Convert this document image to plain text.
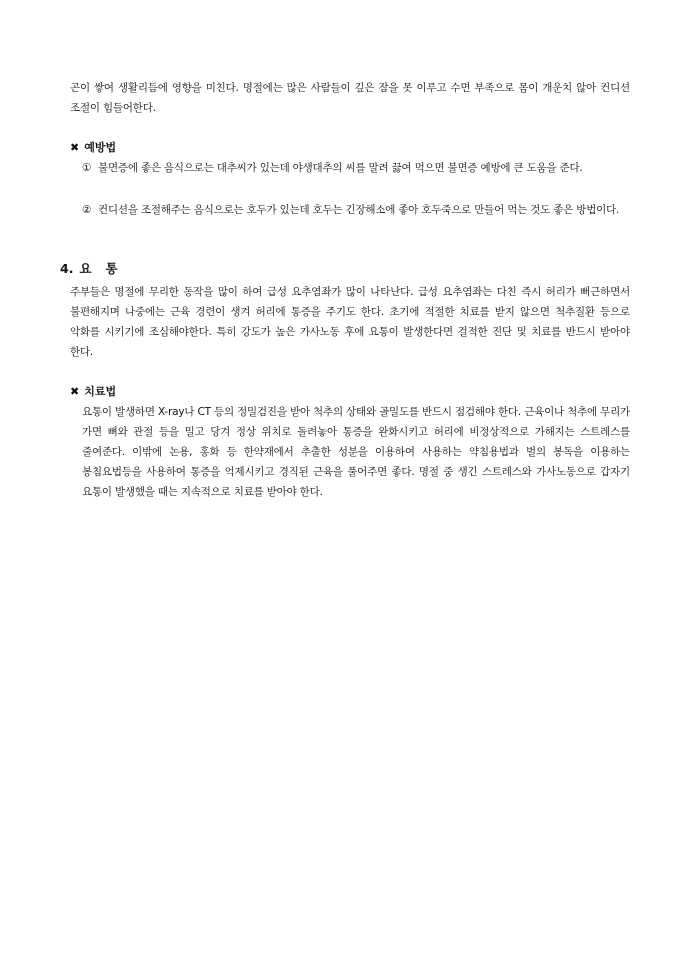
곤이 쌓여 생활리듬에 영향을 미친다. 명절에는 많은 사람들이 깊은 잠을 못 이루고 수면 부족으로 몸이 개운치 않아 컨디션 조절이 힘들어한다.

✖ 예방법
① 불면증에 좋은 음식으로는 대추씨가 있는데 야생대추의 씨를 말려 끓여 먹으면 불면증 예방에 큰 도움을 준다.
② 컨디션을 조절해주는 음식으로는 호두가 있는데 호두는 긴장해소에 좋아 호두죽으로 만들어 먹는 것도 좋은 방법이다.
4. 요통

주부들은 명절에 무리한 동작을 많이 하여 급성 요추염좌가 많이 나타난다. 급성 요추염좌는 다친 즉시 허리가 뻐근하면서 불편해지며 나중에는 근육 경련이 생겨 허리에 통증을 주기도 한다. 초기에 적절한 치료를 받지 않으면 척추질환 등으로 악화를 시키기에 조심해야한다. 특히 강도가 높은 가사노동 후에 요통이 발생한다면 걸적한 진단 및 치료를 반드시 받아야 한다.

✖ 치료법

요통이 발생하면 X-ray나 CT 등의 정밀검진을 받아 척추의 상태와 골밀도를 반드시 점검해야 한다. 근육이나 척추에 무리가 가면 뼈와 관절 등을 밀고 당겨 정상 위치로 돌려놓아 통증을 완화시키고 허리에 비정상적으로 가해지는 스트레스를 줄여준다. 이밖에 논용, 홍화 등 한약재에서 추출한 성분을 이용하여 사용하는 약침용법과 벌의 봉독을 이용하는 봉침요법등을 사용하여 통증을 억제시키고 경직된 근육을 풀어주면 좋다. 명절 중 생긴 스트레스와 가사노동으로 갑자기 요통이 발생했을 때는 지속적으로 치료를 받아야 한다.
